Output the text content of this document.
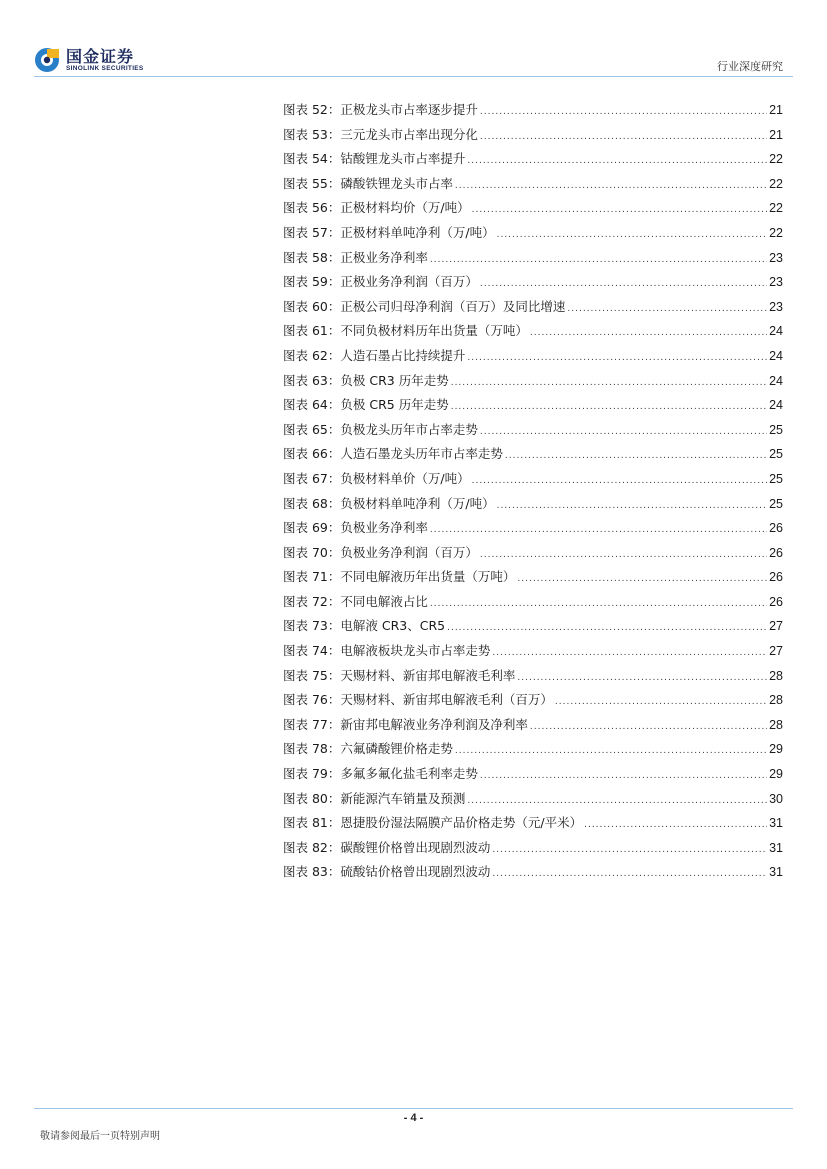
国金证券
SINOLINK SECURITIES	行业深度研究
图表 52：正极龙头市占率逐步提升 .....	21
图表 53：三元龙头市占率出现分化 .....	21
图表 54：钴酸锂龙头市占率提升 .....	22
图表 55：磷酸铁锂龙头市占率 .....	22
图表 56：正极材料均价（万/吨） .....	22
图表 57：正极材料单吨净利（万/吨） .....	22
图表 58：正极业务净利率 .....	23
图表 59：正极业务净利润（百万） .....	23
图表 60：正极公司归母净利润（百万）及同比增速 .....	23
图表 61：不同负极材料历年出货量（万吨） .....	24
图表 62：人造石墨占比持续提升 .....	24
图表 63：负极 CR3 历年走势 .....	24
图表 64：负极 CR5 历年走势 .....	24
图表 65：负极龙头历年市占率走势 .....	25
图表 66：人造石墨龙头历年市占率走势 .....	25
图表 67：负极材料单价（万/吨） .....	25
图表 68：负极材料单吨净利（万/吨） .....	25
图表 69：负极业务净利率 .....	26
图表 70：负极业务净利润（百万） .....	26
图表 71：不同电解液历年出货量（万吨） .....	26
图表 72：不同电解液占比 .....	26
图表 73：电解液 CR3、CR5 .....	27
图表 74：电解液板块龙头市占率走势 .....	27
图表 75：天赐材料、新宙邦电解液毛利率 .....	28
图表 76：天赐材料、新宙邦电解液毛利（百万） .....	28
图表 77：新宙邦电解液业务净利润及净利率 .....	28
图表 78：六氟磷酸锂价格走势 .....	29
图表 79：多氟多氟化盐毛利率走势 .....	29
图表 80：新能源汽车销量及预测 .....	30
图表 81：恩捷股份湿法隔膜产品价格走势（元/平米） .....	31
图表 82：碳酸锂价格曾出现剧烈波动 .....	31
图表 83：硫酸钴价格曾出现剧烈波动 .....	31
- 4 -
敬请参阅最后一页特别声明
